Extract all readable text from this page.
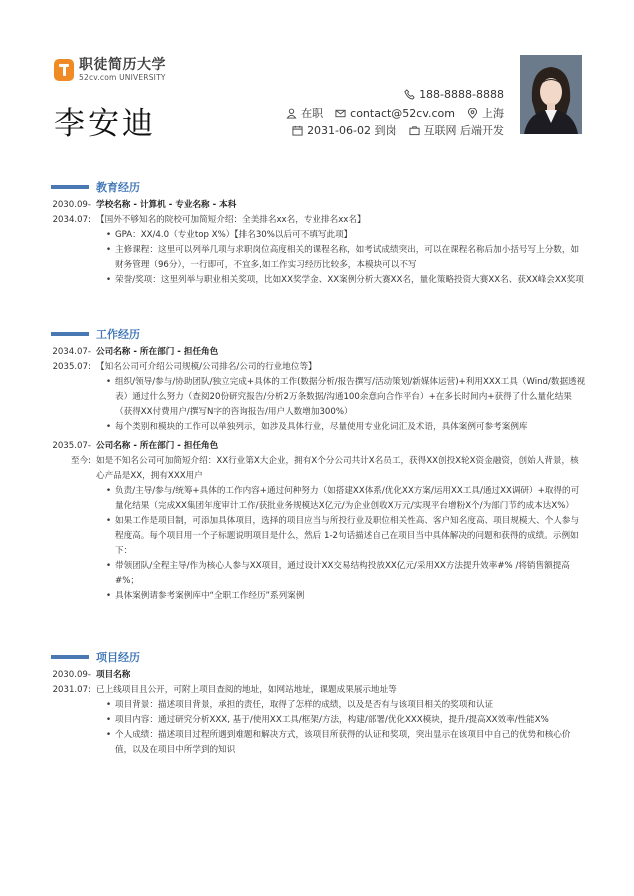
职徒简历大学
52cv.com UNIVERSITY
李安迪
188-8888-8888
在职 contact@52cv.com 上海
2031-06-02 到岗 互联网 后端开发
教育经历
2030.09-
2034.07:
学校名称 - 计算机 - 专业名称 - 本科
【国外不够知名的院校可加简短介绍：全美排名xx名，专业排名xx名】
• GPA：XX/4.0（专业top X%）【排名30%以后可不填写此项】
• 主修课程：这里可以列举几项与求职岗位高度相关的课程名称，如考试成绩突出，可以在课程名称后加小括号写上分数，如财务管理（96分），一行即可，不宜多,如工作实习经历比较多，本模块可以不写
• 荣誉/奖项：这里列举与职业相关奖项，比如XX奖学金、XX案例分析大赛XX名，量化策略投资大赛XX名、获XX峰会XX奖项
工作经历
2034.07-
2035.07:
公司名称 - 所在部门 - 担任角色
【知名公司可介绍公司规模/公司排名/公司的行业地位等】
• 组织/领导/参与/协助团队/独立完成+具体的工作(数据分析/报告撰写/活动策划/新媒体运营)+利用XXX工具（Wind/数据透视表）通过什么努力（查阅20份研究报告/分析2万条数据/沟通100余意向合作平台）+在多长时间内+获得了什么量化结果（获得XX付费用户/撰写N字的咨询报告/用户人数增加300%）
• 每个类别和模块的工作可以单独列示，如涉及具体行业，尽量使用专业化词汇及术语，具体案例可参考案例库
2035.07-
至今:
公司名称 - 所在部门 - 担任角色
如是不知名公司可加简短介绍：XX行业第X大企业，拥有X个分公司共计X名员工，获得XX创投X轮X资金融资，创始人背景，核心产品是XX，拥有XXX用户
• 负责/主导/参与/统筹+具体的工作内容+通过何种努力（如搭建XX体系/优化XX方案/运用XX工具/通过XX调研）+取得的可量化结果（完成XX集团年度审计工作/获批业务规模达X亿元/为企业创收X万元/实现平台增粉X个/为部门节约成本达X%）
• 如果工作是项目制，可添加具体项目，选择的项目应当与所投行业及职位相关性高、客户知名度高、项目规模大、个人参与程度高。每个项目用一个子标题说明项目是什么，然后 1-2句话描述自己在项目当中具体解决的问题和获得的成绩。示例如下：
• 带领团队/全程主导/作为核心人参与XX项目，通过设计XX交易结构投放XX亿元/采用XX方法提升效率#% /将销售额提高#%；
• 具体案例请参考案例库中“全职工作经历”系列案例
项目经历
2030.09-
2031.07:
项目名称
已上线项目且公开，可附上项目查阅的地址，如网站地址，课题成果展示地址等
• 项目背景：描述项目背景，承担的责任，取得了怎样的成绩，以及是否有与该项目相关的奖项和认证
• 项目内容：通过研究分析XXX, 基于/使用XX工具/框架/方法，构建/部署/优化XXX模块，提升/提高XX效率/性能X%
• 个人成绩：描述项目过程所遇到难题和解决方式，该项目所获得的认证和奖项，突出显示在该项目中自己的优势和核心价值，以及在项目中所学到的知识
